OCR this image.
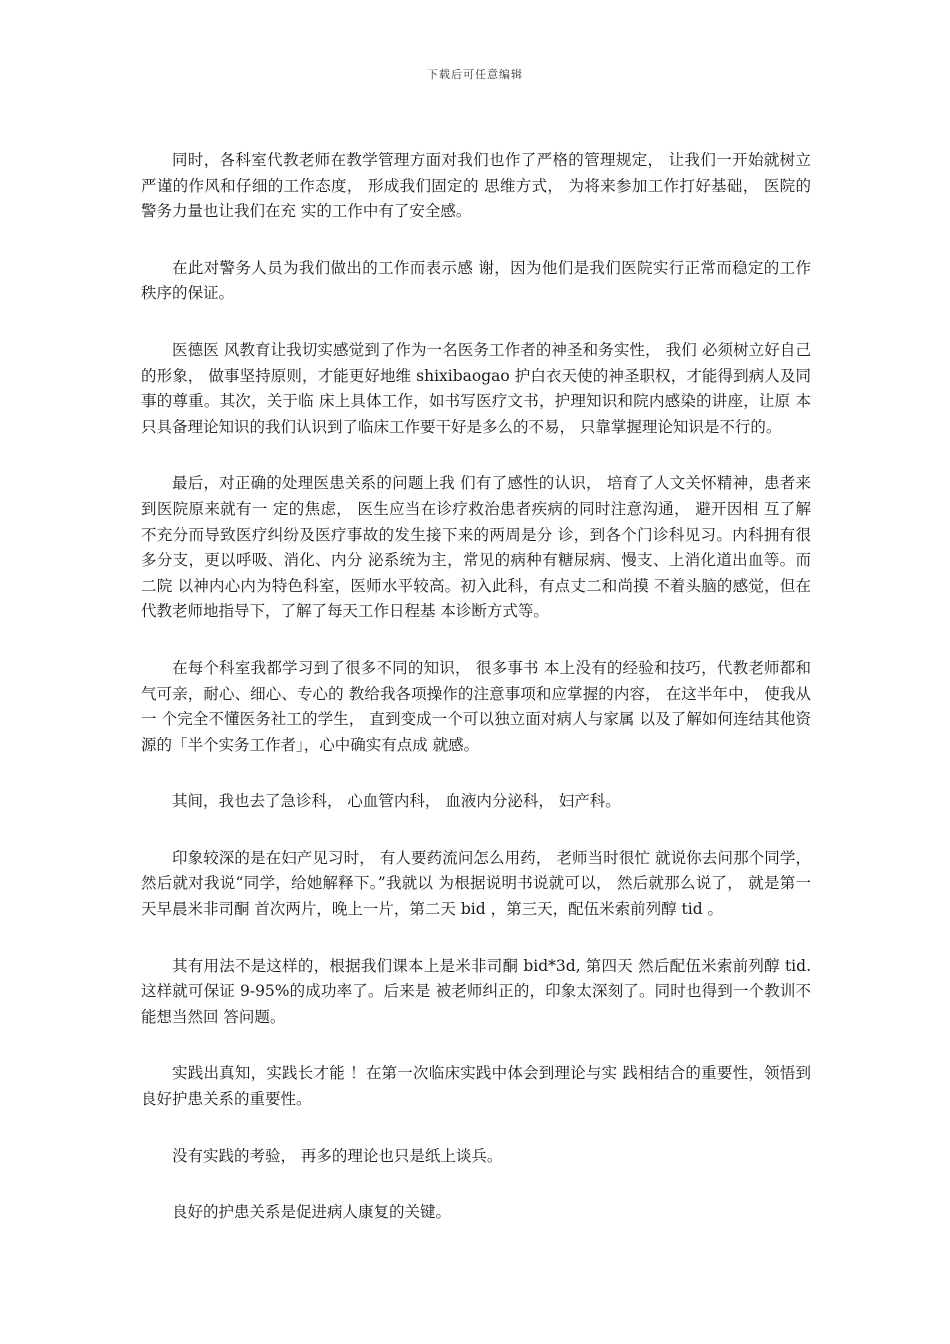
下载后可任意编辑

同时，各科室代教老师在教学管理方面对我们也作了严格的管理规定， 让我们一开始就树立严谨的作风和仔细的工作态度， 形成我们固定的 思维方式， 为将来参加工作打好基础， 医院的警务力量也让我们在充 实的工作中有了安全感。

在此对警务人员为我们做出的工作而表示感 谢，因为他们是我们医院实行正常而稳定的工作秩序的保证。

医德医 风教育让我切实感觉到了作为一名医务工作者的神圣和务实性， 我们 必须树立好自己的形象， 做事坚持原则，才能更好地维 shixibaogao 护白衣天使的神圣职权，才能得到病人及同事的尊重。其次，关于临 床上具体工作，如书写医疗文书，护理知识和院内感染的讲座，让原 本只具备理论知识的我们认识到了临床工作要干好是多么的不易， 只靠掌握理论知识是不行的。

最后，对正确的处理医患关系的问题上我 们有了感性的认识， 培育了人文关怀精神，患者来到医院原来就有一 定的焦虑， 医生应当在诊疗救治患者疾病的同时注意沟通， 避开因相 互了解不充分而导致医疗纠纷及医疗事故的发生接下来的两周是分 诊，到各个门诊科见习。内科拥有很多分支，更以呼吸、消化、内分 泌系统为主，常见的病种有糖尿病、慢支、上消化道出血等。而二院 以神内心内为特色科室，医师水平较高。初入此科，有点丈二和尚摸 不着头脑的感觉，但在代教老师地指导下，了解了每天工作日程基 本诊断方式等。

在每个科室我都学习到了很多不同的知识， 很多事书 本上没有的经验和技巧，代教老师都和气可亲，耐心、细心、专心的 教给我各项操作的注意事项和应掌握的内容， 在这半年中， 使我从一 个完全不懂医务社工的学生， 直到变成一个可以独立面对病人与家属 以及了解如何连结其他资源的「半个实务工作者」，心中确实有点成 就感。

其间，我也去了急诊科， 心血管内科， 血液内分泌科， 妇产科。

印象较深的是在妇产见习时， 有人要药流问怎么用药， 老师当时很忙 就说你去问那个同学，然后就对我说“同学，给她解释下。”我就以 为根据说明书说就可以， 然后就那么说了， 就是第一天早晨米非司酮 首次两片，晚上一片，第二天 bid ，第三天，配伍米索前列醇 tid 。

其有用法不是这样的，根据我们课本上是米非司酮 bid*3d, 第四天 然后配伍米索前列醇 tid. 这样就可保证 9-95%的成功率了。后来是 被老师纠正的，印象太深刻了。同时也得到一个教训不能想当然回 答问题。

实践出真知，实践长才能 ！在第一次临床实践中体会到理论与实 践相结合的重要性，领悟到良好护患关系的重要性。

没有实践的考验， 再多的理论也只是纸上谈兵。

良好的护患关系是促进病人康复的关键。
